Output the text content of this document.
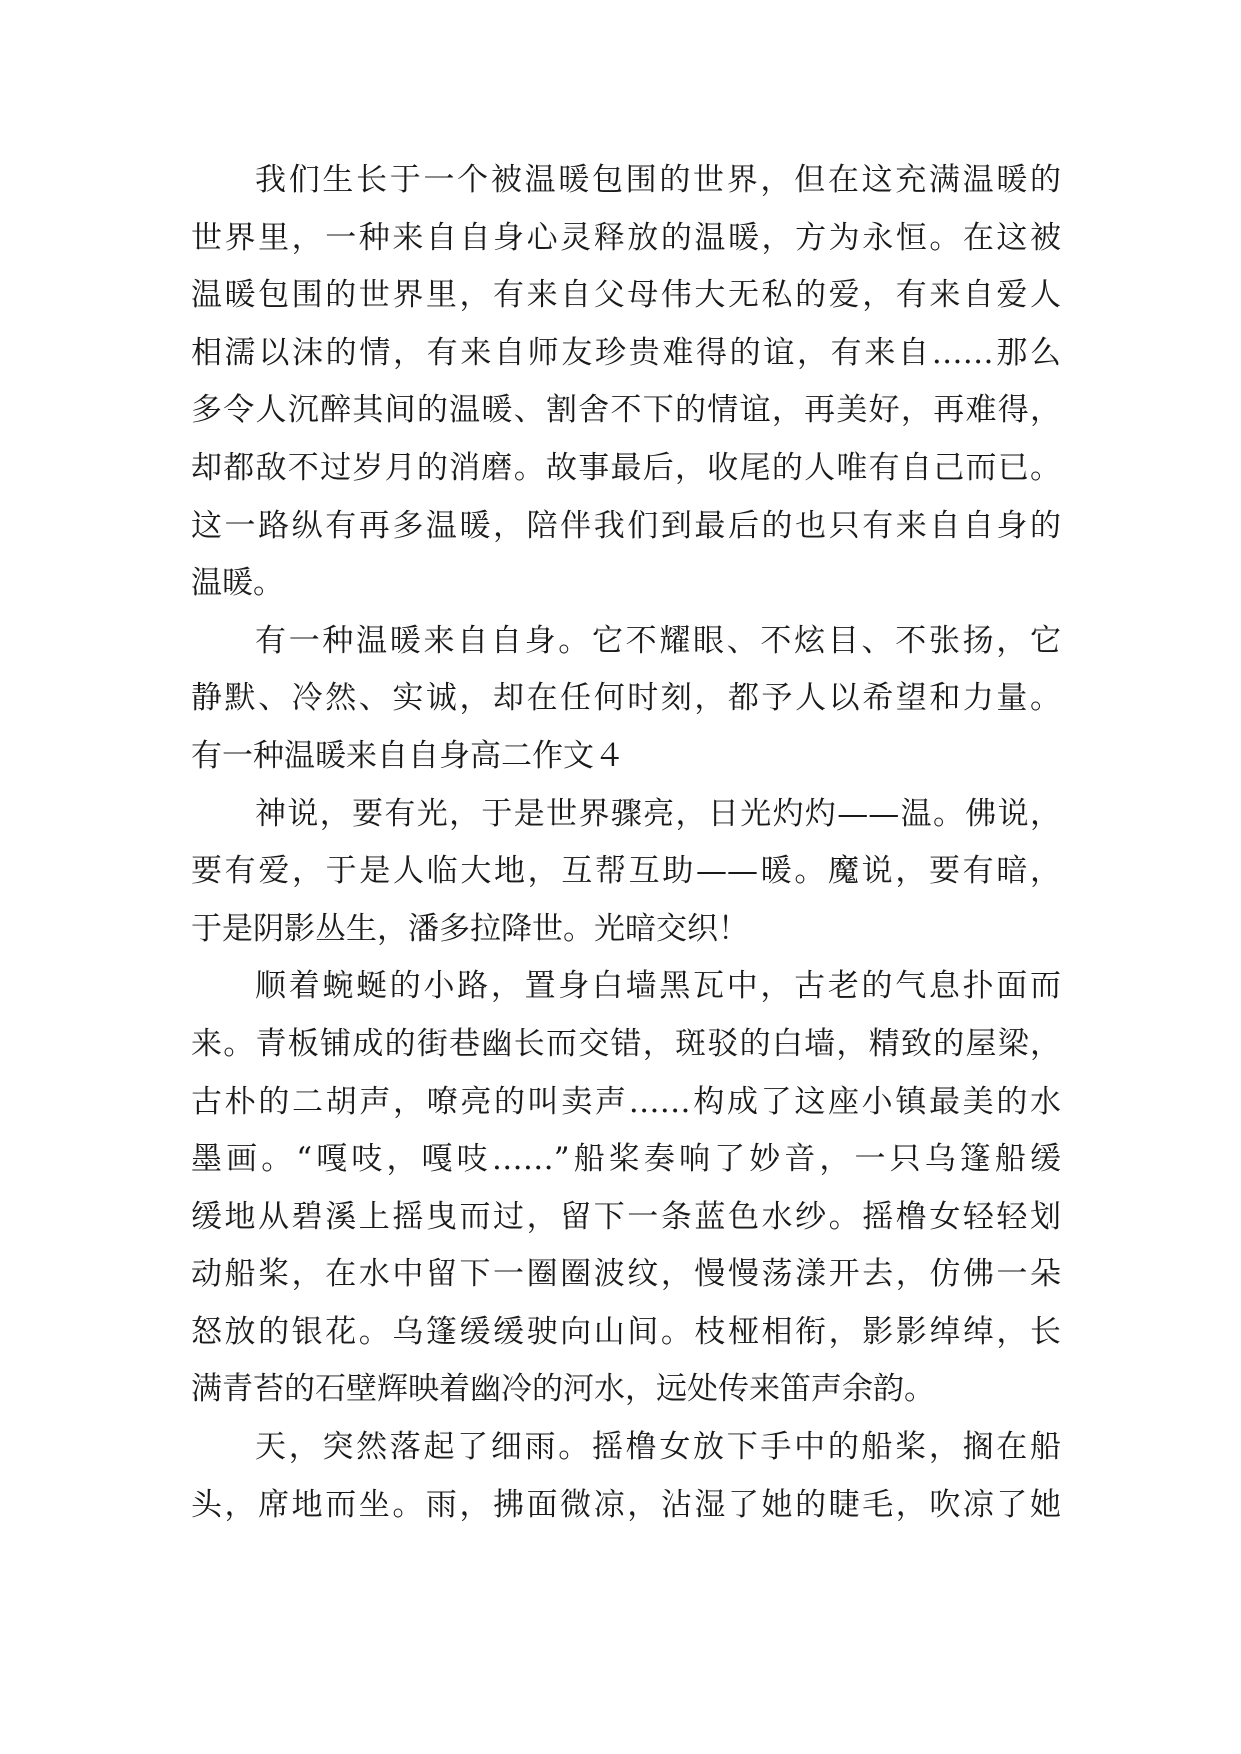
我们生长于一个被温暖包围的世界，但在这充满温暖的
世界里，一种来自自身心灵释放的温暖，方为永恒。在这被
温暖包围的世界里，有来自父母伟大无私的爱，有来自爱人
相濡以沫的情，有来自师友珍贵难得的谊，有来自……那么
多令人沉醉其间的温暖、割舍不下的情谊，再美好，再难得，
却都敌不过岁月的消磨。故事最后，收尾的人唯有自己而已。
这一路纵有再多温暖，陪伴我们到最后的也只有来自自身的
温暖。
有一种温暖来自自身。它不耀眼、不炫目、不张扬，它
静默、冷然、实诚，却在任何时刻，都予人以希望和力量。
有一种温暖来自自身高二作文４
神说，要有光，于是世界骤亮，日光灼灼——温。佛说，
要有爱，于是人临大地，互帮互助——暖。魔说，要有暗，
于是阴影丛生，潘多拉降世。光暗交织！
顺着蜿蜒的小路，置身白墙黑瓦中，古老的气息扑面而
来。青板铺成的街巷幽长而交错，斑驳的白墙，精致的屋梁，
古朴的二胡声，嘹亮的叫卖声……构成了这座小镇最美的水
墨画。“嘎吱，嘎吱……”船桨奏响了妙音，一只乌篷船缓
缓地从碧溪上摇曳而过，留下一条蓝色水纱。摇橹女轻轻划
动船桨，在水中留下一圈圈波纹，慢慢荡漾开去，仿佛一朵
怒放的银花。乌篷缓缓驶向山间。枝桠相衔，影影绰绰，长
满青苔的石壁辉映着幽冷的河水，远处传来笛声余韵。
天，突然落起了细雨。摇橹女放下手中的船桨，搁在船
头，席地而坐。雨，拂面微凉，沾湿了她的睫毛，吹凉了她
